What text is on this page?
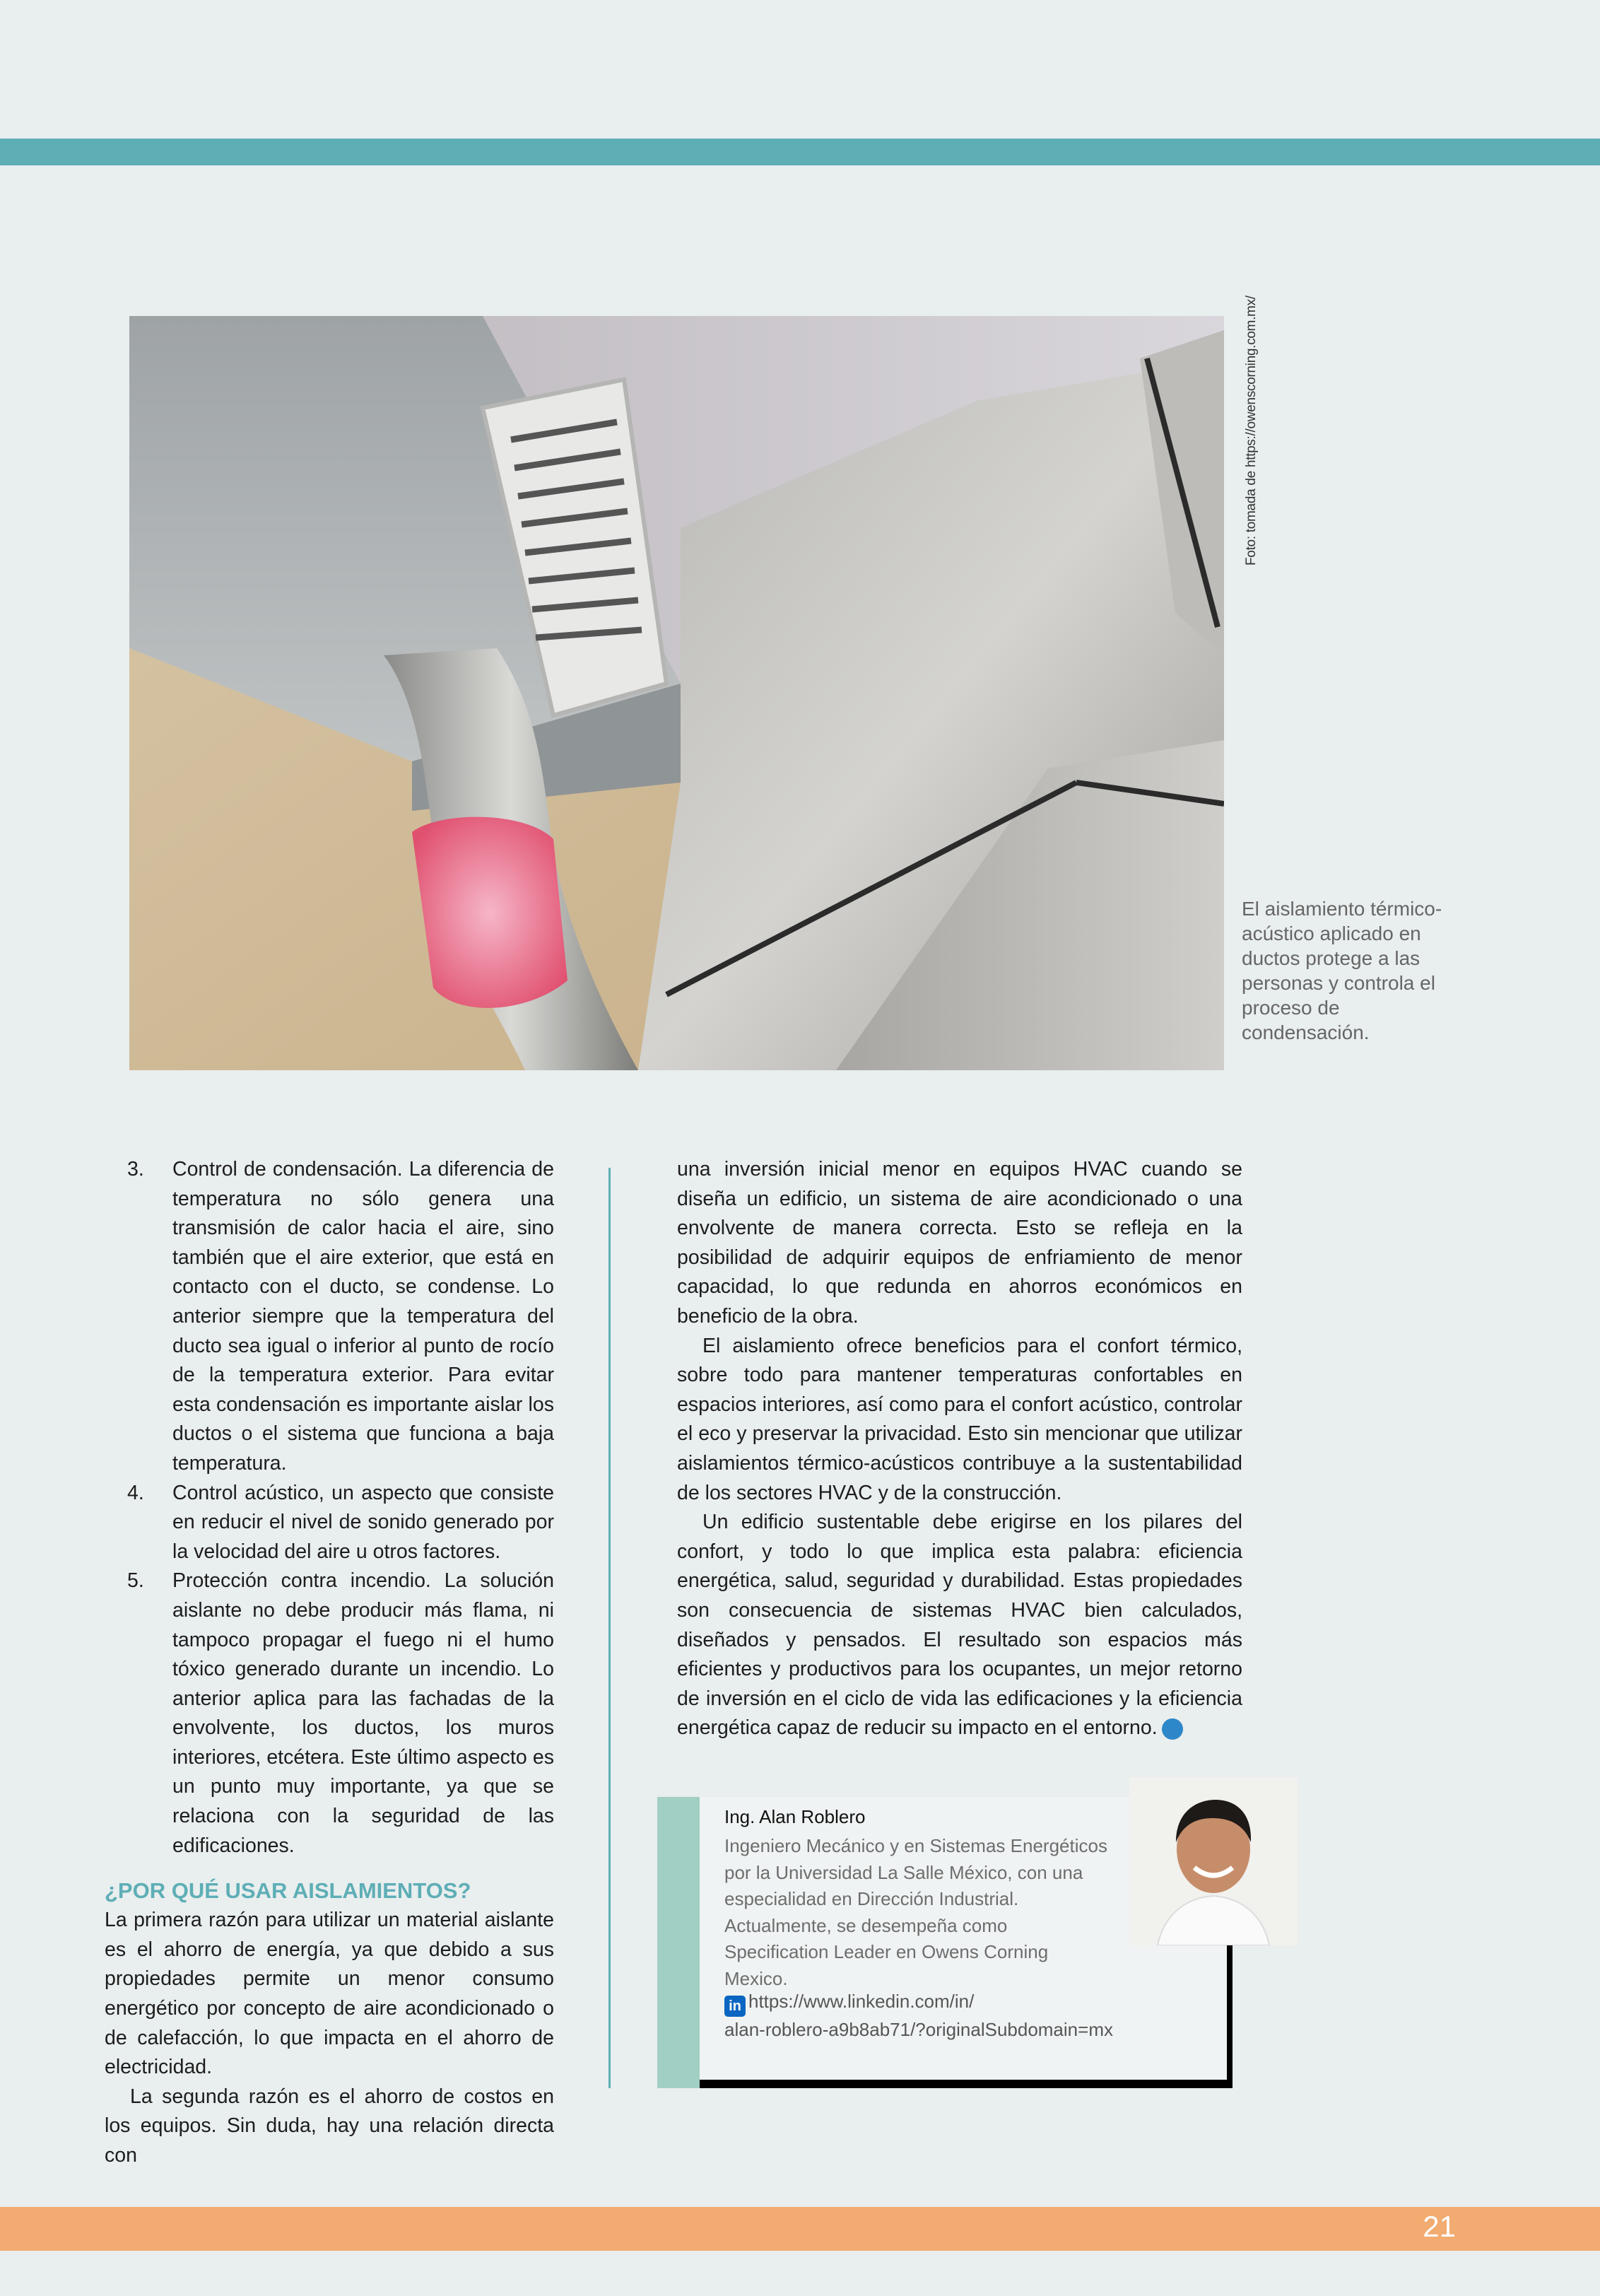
Foto: tomada de https://owenscorning.com.mx/
El aislamiento térmico-acústico aplicado en ductos protege a las personas y controla el proceso de condensación.
3. Control de condensación. La diferencia de temperatura no sólo genera una transmisión de calor hacia el aire, sino también que el aire exterior, que está en contacto con el ducto, se condense. Lo anterior siempre que la temperatura del ducto sea igual o inferior al punto de rocío de la temperatura exterior. Para evitar esta condensación es importante aislar los ductos o el sistema que funciona a baja temperatura.
4. Control acústico, un aspecto que consiste en reducir el nivel de sonido generado por la velocidad del aire u otros factores.
5. Protección contra incendio. La solución aislante no debe producir más flama, ni tampoco propagar el fuego ni el humo tóxico generado durante un incendio. Lo anterior aplica para las fachadas de la envolvente, los ductos, los muros interiores, etcétera. Este último aspecto es un punto muy importante, ya que se relaciona con la seguridad de las edificaciones.
¿POR QUÉ USAR AISLAMIENTOS?

La primera razón para utilizar un material aislante es el ahorro de energía, ya que debido a sus propiedades permite un menor consumo energético por concepto de aire acondicionado o de calefacción, lo que impacta en el ahorro de electricidad.

La segunda razón es el ahorro de costos en los equipos. Sin duda, hay una relación directa con

una inversión inicial menor en equipos HVAC cuando se diseña un edificio, un sistema de aire acondicionado o una envolvente de manera correcta. Esto se refleja en la posibilidad de adquirir equipos de enfriamiento de menor capacidad, lo que redunda en ahorros económicos en beneficio de la obra.

El aislamiento ofrece beneficios para el confort térmico, sobre todo para mantener temperaturas confortables en espacios interiores, así como para el confort acústico, controlar el eco y preservar la privacidad. Esto sin mencionar que utilizar aislamientos térmico-acústicos contribuye a la sustentabilidad de los sectores HVAC y de la construcción.

Un edificio sustentable debe erigirse en los pilares del confort, y todo lo que implica esta palabra: eficiencia energética, salud, seguridad y durabilidad. Estas propiedades son consecuencia de sistemas HVAC bien calculados, diseñados y pensados. El resultado son espacios más eficientes y productivos para los ocupantes, un mejor retorno de inversión en el ciclo de vida las edificaciones y la eficiencia energética capaz de reducir su impacto en el entorno.

Ing. Alan Roblero
Ingeniero Mecánico y en Sistemas Energéticos por la Universidad La Salle México, con una especialidad en Dirección Industrial. Actualmente, se desempeña como Specification Leader en Owens Corning Mexico.
in https://www.linkedin.com/in/
alan-roblero-a9b8ab71/?originalSubdomain=mx
21
